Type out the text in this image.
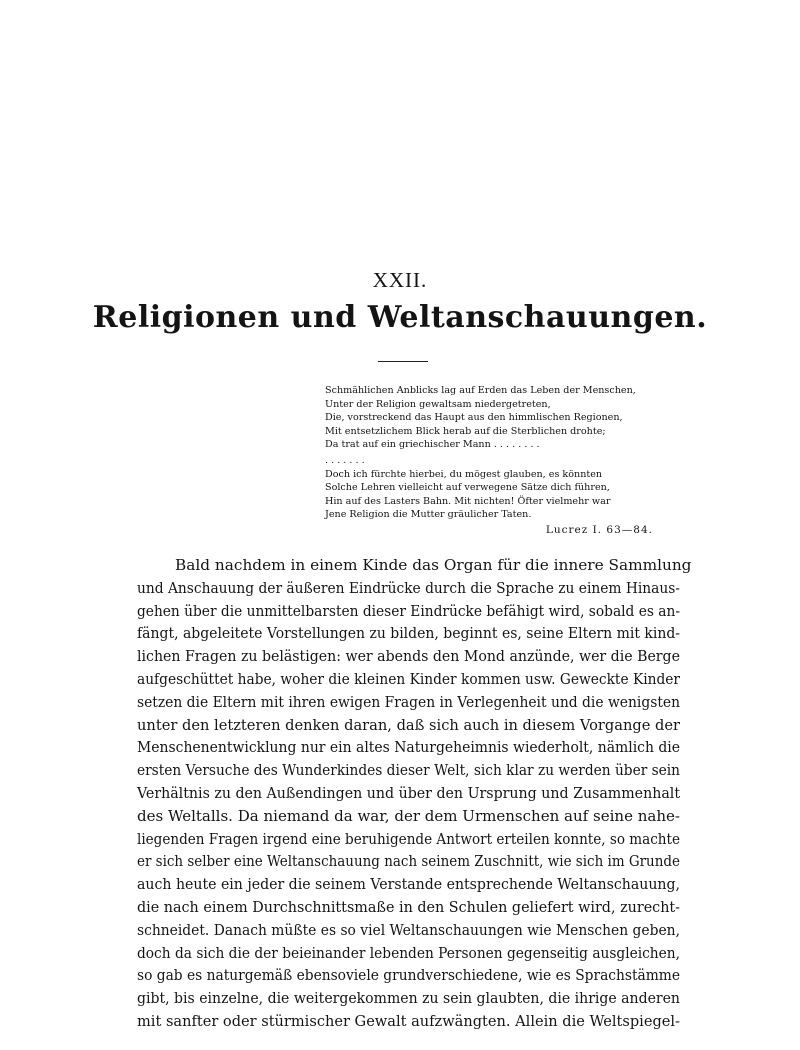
XXII.
Religionen und Weltanschauungen.
Schmählichen Anblicks lag auf Erden das Leben der Menschen,
Unter der Religion gewaltsam niedergetreten,
Die, vorstreckend das Haupt aus den himmlischen Regionen,
Mit entsetzlichem Blick herab auf die Sterblichen drohte;
Da trat auf ein griechischer Mann . . . . . . . .
. . . . . . .
Doch ich fürchte hierbei, du mögest glauben, es könnten
Solche Lehren vielleicht auf verwegene Sätze dich führen,
Hin auf des Lasters Bahn. Mit nichten! Öfter vielmehr war
Jene Religion die Mutter gräulicher Taten.
Lucrez I. 63—84.
Bald nachdem in einem Kinde das Organ für die innere Sammlung
und Anschauung der äußeren Eindrücke durch die Sprache zu einem Hinaus-
gehen über die unmittelbarsten dieser Eindrücke befähigt wird, sobald es an-
fängt, abgeleitete Vorstellungen zu bilden, beginnt es, seine Eltern mit kind-
lichen Fragen zu belästigen: wer abends den Mond anzünde, wer die Berge
aufgeschüttet habe, woher die kleinen Kinder kommen usw. Geweckte Kinder
setzen die Eltern mit ihren ewigen Fragen in Verlegenheit und die wenigsten
unter den letzteren denken daran, daß sich auch in diesem Vorgange der
Menschenentwicklung nur ein altes Naturgeheimnis wiederholt, nämlich die
ersten Versuche des Wunderkindes dieser Welt, sich klar zu werden über sein
Verhältnis zu den Außendingen und über den Ursprung und Zusammenhalt
des Weltalls. Da niemand da war, der dem Urmenschen auf seine nahe-
liegenden Fragen irgend eine beruhigende Antwort erteilen konnte, so machte
er sich selber eine Weltanschauung nach seinem Zuschnitt, wie sich im Grunde
auch heute ein jeder die seinem Verstande entsprechende Weltanschauung,
die nach einem Durchschnittsmaße in den Schulen geliefert wird, zurecht-
schneidet. Danach müßte es so viel Weltanschauungen wie Menschen geben,
doch da sich die der beieinander lebenden Personen gegenseitig ausgleichen,
so gab es naturgemäß ebensoviele grundverschiedene, wie es Sprachstämme
gibt, bis einzelne, die weitergekommen zu sein glaubten, die ihrige anderen
mit sanfter oder stürmischer Gewalt aufzwängten. Allein die Weltspiegel-
